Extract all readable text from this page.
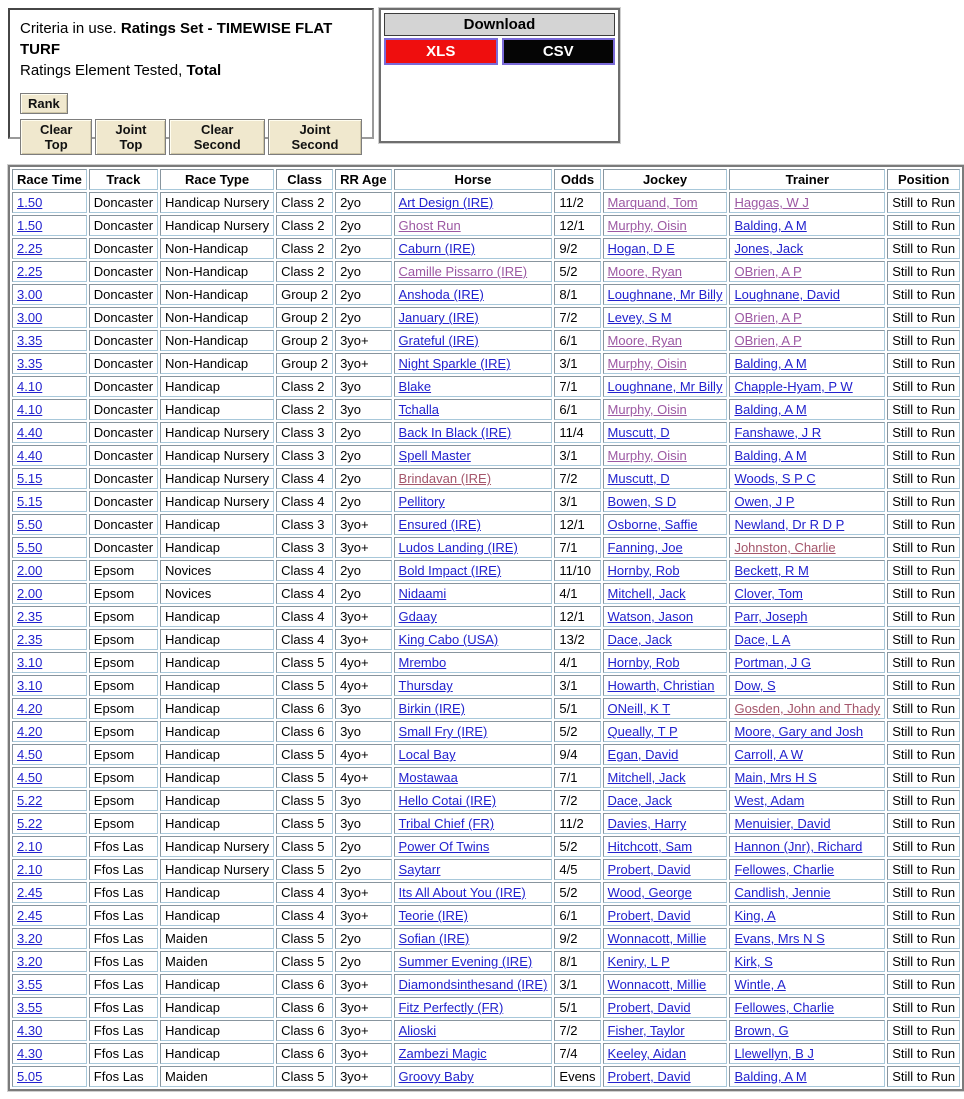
Criteria in use. Ratings Set - TIMEWISE FLAT TURF
Ratings Element Tested, Total
Rank
Clear Top
Joint Top
Clear Second
Joint Second
Download
XLS	CSV
Race Time	Track	Race Type	Class	RR Age	Horse	Odds	Jockey	Trainer	Position
1.50	Doncaster	Handicap Nursery	Class 2	2yo	Art Design (IRE)	11/2	Marquand, Tom	Haggas, W J	Still to Run
1.50	Doncaster	Handicap Nursery	Class 2	2yo	Ghost Run	12/1	Murphy, Oisin	Balding, A M	Still to Run
2.25	Doncaster	Non-Handicap	Class 2	2yo	Caburn (IRE)	9/2	Hogan, D E	Jones, Jack	Still to Run
2.25	Doncaster	Non-Handicap	Class 2	2yo	Camille Pissarro (IRE)	5/2	Moore, Ryan	OBrien, A P	Still to Run
3.00	Doncaster	Non-Handicap	Group 2	2yo	Anshoda (IRE)	8/1	Loughnane, Mr Billy	Loughnane, David	Still to Run
3.00	Doncaster	Non-Handicap	Group 2	2yo	January (IRE)	7/2	Levey, S M	OBrien, A P	Still to Run
3.35	Doncaster	Non-Handicap	Group 2	3yo+	Grateful (IRE)	6/1	Moore, Ryan	OBrien, A P	Still to Run
3.35	Doncaster	Non-Handicap	Group 2	3yo+	Night Sparkle (IRE)	3/1	Murphy, Oisin	Balding, A M	Still to Run
4.10	Doncaster	Handicap	Class 2	3yo	Blake	7/1	Loughnane, Mr Billy	Chapple-Hyam, P W	Still to Run
4.10	Doncaster	Handicap	Class 2	3yo	Tchalla	6/1	Murphy, Oisin	Balding, A M	Still to Run
4.40	Doncaster	Handicap Nursery	Class 3	2yo	Back In Black (IRE)	11/4	Muscutt, D	Fanshawe, J R	Still to Run
4.40	Doncaster	Handicap Nursery	Class 3	2yo	Spell Master	3/1	Murphy, Oisin	Balding, A M	Still to Run
5.15	Doncaster	Handicap Nursery	Class 4	2yo	Brindavan (IRE)	7/2	Muscutt, D	Woods, S P C	Still to Run
5.15	Doncaster	Handicap Nursery	Class 4	2yo	Pellitory	3/1	Bowen, S D	Owen, J P	Still to Run
5.50	Doncaster	Handicap	Class 3	3yo+	Ensured (IRE)	12/1	Osborne, Saffie	Newland, Dr R D P	Still to Run
5.50	Doncaster	Handicap	Class 3	3yo+	Ludos Landing (IRE)	7/1	Fanning, Joe	Johnston, Charlie	Still to Run
2.00	Epsom	Novices	Class 4	2yo	Bold Impact (IRE)	11/10	Hornby, Rob	Beckett, R M	Still to Run
2.00	Epsom	Novices	Class 4	2yo	Nidaami	4/1	Mitchell, Jack	Clover, Tom	Still to Run
2.35	Epsom	Handicap	Class 4	3yo+	Gdaay	12/1	Watson, Jason	Parr, Joseph	Still to Run
2.35	Epsom	Handicap	Class 4	3yo+	King Cabo (USA)	13/2	Dace, Jack	Dace, L A	Still to Run
3.10	Epsom	Handicap	Class 5	4yo+	Mrembo	4/1	Hornby, Rob	Portman, J G	Still to Run
3.10	Epsom	Handicap	Class 5	4yo+	Thursday	3/1	Howarth, Christian	Dow, S	Still to Run
4.20	Epsom	Handicap	Class 6	3yo	Birkin (IRE)	5/1	ONeill, K T	Gosden, John and Thady	Still to Run
4.20	Epsom	Handicap	Class 6	3yo	Small Fry (IRE)	5/2	Queally, T P	Moore, Gary and Josh	Still to Run
4.50	Epsom	Handicap	Class 5	4yo+	Local Bay	9/4	Egan, David	Carroll, A W	Still to Run
4.50	Epsom	Handicap	Class 5	4yo+	Mostawaa	7/1	Mitchell, Jack	Main, Mrs H S	Still to Run
5.22	Epsom	Handicap	Class 5	3yo	Hello Cotai (IRE)	7/2	Dace, Jack	West, Adam	Still to Run
5.22	Epsom	Handicap	Class 5	3yo	Tribal Chief (FR)	11/2	Davies, Harry	Menuisier, David	Still to Run
2.10	Ffos Las	Handicap Nursery	Class 5	2yo	Power Of Twins	5/2	Hitchcott, Sam	Hannon (Jnr), Richard	Still to Run
2.10	Ffos Las	Handicap Nursery	Class 5	2yo	Saytarr	4/5	Probert, David	Fellowes, Charlie	Still to Run
2.45	Ffos Las	Handicap	Class 4	3yo+	Its All About You (IRE)	5/2	Wood, George	Candlish, Jennie	Still to Run
2.45	Ffos Las	Handicap	Class 4	3yo+	Teorie (IRE)	6/1	Probert, David	King, A	Still to Run
3.20	Ffos Las	Maiden	Class 5	2yo	Sofian (IRE)	9/2	Wonnacott, Millie	Evans, Mrs N S	Still to Run
3.20	Ffos Las	Maiden	Class 5	2yo	Summer Evening (IRE)	8/1	Keniry, L P	Kirk, S	Still to Run
3.55	Ffos Las	Handicap	Class 6	3yo+	Diamondsinthesand (IRE)	3/1	Wonnacott, Millie	Wintle, A	Still to Run
3.55	Ffos Las	Handicap	Class 6	3yo+	Fitz Perfectly (FR)	5/1	Probert, David	Fellowes, Charlie	Still to Run
4.30	Ffos Las	Handicap	Class 6	3yo+	Alioski	7/2	Fisher, Taylor	Brown, G	Still to Run
4.30	Ffos Las	Handicap	Class 6	3yo+	Zambezi Magic	7/4	Keeley, Aidan	Llewellyn, B J	Still to Run
5.05	Ffos Las	Maiden	Class 5	3yo+	Groovy Baby	Evens	Probert, David	Balding, A M	Still to Run
